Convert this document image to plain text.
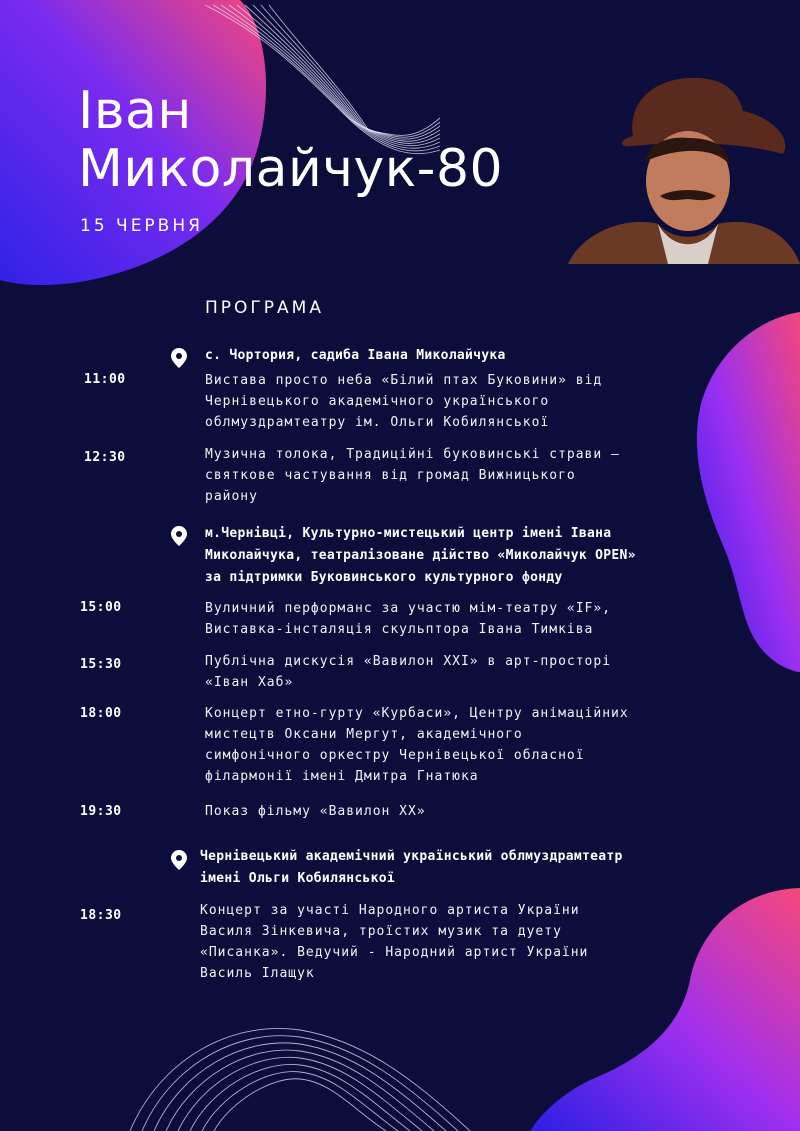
Іван
Миколайчук-80
15 ЧЕРВНЯ
ПРОГРАМА
с. Чортория, садиба Івана Миколайчука
11:00	Вистава просто неба «Білий птах Буковини» від
Чернівецького академічного українського
облмуздрамтеатру ім. Ольги Кобилянської
12:30	Музична толока, Традиційні буковинські страви –
святкове частування від громад Вижницького
району
м.Чернівці, Культурно-мистецький центр імені Івана
Миколайчука, театралізоване дійство «Миколайчук OPEN»
за підтримки Буковинського культурного фонду
15:00	Вуличний перформанс за участю мім-театру «IF»,
Виставка-інсталяція скульптора Івана Тимківа
15:30	Публічна дискусія «Вавилон XXI» в арт-просторі
«Іван Хаб»
18:00	Концерт етно-гурту «Курбаси», Центру анімаційних
мистецтв Оксани Мергут, академічного
симфонічного оркестру Чернівецької обласної
філармонії імені Дмитра Гнатюка
19:30	Показ фільму «Вавилон XX»
Чернівецький академічний український облмуздрамтеатр
імені Ольги Кобилянської
18:30	Концерт за участі Народного артиста України
Василя Зінкевича, троїстих музик та дуету
«Писанка». Ведучий - Народний артист України
Василь Ілащук
